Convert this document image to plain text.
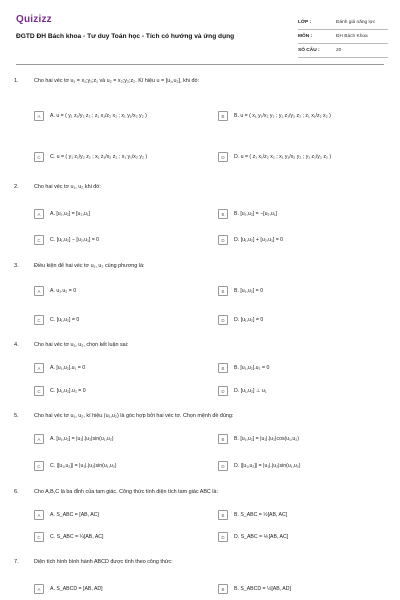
Quizizz
ĐGTD ĐH Bách khoa - Tư duy Toán học - Tích có hướng và ứng dụng
LỚP :	Đánh giá năng lực
MÔN :	ĐH Bách Khoa
SỐ CÂU :	20
1.	Cho hai véc tơ u₁ = x₁;y₁;z₁ và u₂ = x₂;y₂;z₂. Kí hiệu u = [u₁,u₂], khi đó:
A	A. u = ( y₁ z₁/y₂ z₂ ; z₁ x₁/z₂ x₂ ; x₁ y₁/x₂ y₂ )	B	B. u = ( x₁ y₁/x₂ y₂ ; y₁ z₁/y₂ z₂ ; z₁ x₁/z₂ x₂ )
C	C. u = ( y₁ z₁/y₂ z₂ ; x₁ z₁/x₂ z₂ ; x₁ y₁/x₂ y₂ )	D	D. u = ( z₁ x₁/z₂ x₂ ; x₁ y₁/x₂ y₂ ; y₁ z₁/y₂ z₂ )
2.	Cho hai véc tơ u₁, u₂ khi đó:
A	A. [u₁,u₂] = [u₂,u₁]	B	B. [u₁,u₂] = −[u₂,u₁]
C	C. [u₁,u₂] − [u₂,u₁] = 0	D	D. [u₁,u₂] + [u₂,u₁] = 0
3.	Điều kiện để hai véc tơ u₁, u₂ cùng phương là:
A	A. u₁.u₂ = 0	B	B. [u₁,u₂] = 0
C	C. [u₁,u₂] = 0	D	D. [u₁,u₂] = 0
4.	Cho hai véc tơ u₁, u₂, chọn kết luận sai:
A	A. [u₁,u₂].u₁ = 0	B	B. [u₁,u₂].u₂ = 0
C	C. [u₁,u₂].u₂ = 0	D	D. [u₁,u₂] ⊥ u₁
5.	Cho hai véc tơ u₁, u₂, kí hiệu (u₁,u₂) là góc hợp bởi hai véc tơ. Chọn mệnh đề đúng:
A	A. [u₁,u₂] = |u₁|.|u₂|sin(u₁,u₂)	B	B. [u₁,u₂] = |u₁|.|u₂|cos(u₁,u₂)
C	C. |[u₁,u₂]| = |u₁|.|u₂|sin(u₁,u₂)	D	D. |[u₁,u₂]| = |u₁|.|u₂|sin(u₁,u₂)
6.	Cho A,B,C là ba đỉnh của tam giác. Công thức tính diện tích tam giác ABC là:
A	A. S_ABC = [AB, AC]	B	B. S_ABC = ½[AB, AC]
C	C. S_ABC = ¼[AB, AC]	D	D. S_ABC = ⅙[AB, AC]
7.	Diện tích hình bình hành ABCD được tính theo công thức:
A	A. S_ABCD = [AB, AD]	B	B. S_ABCD = ½[AB, AD]
